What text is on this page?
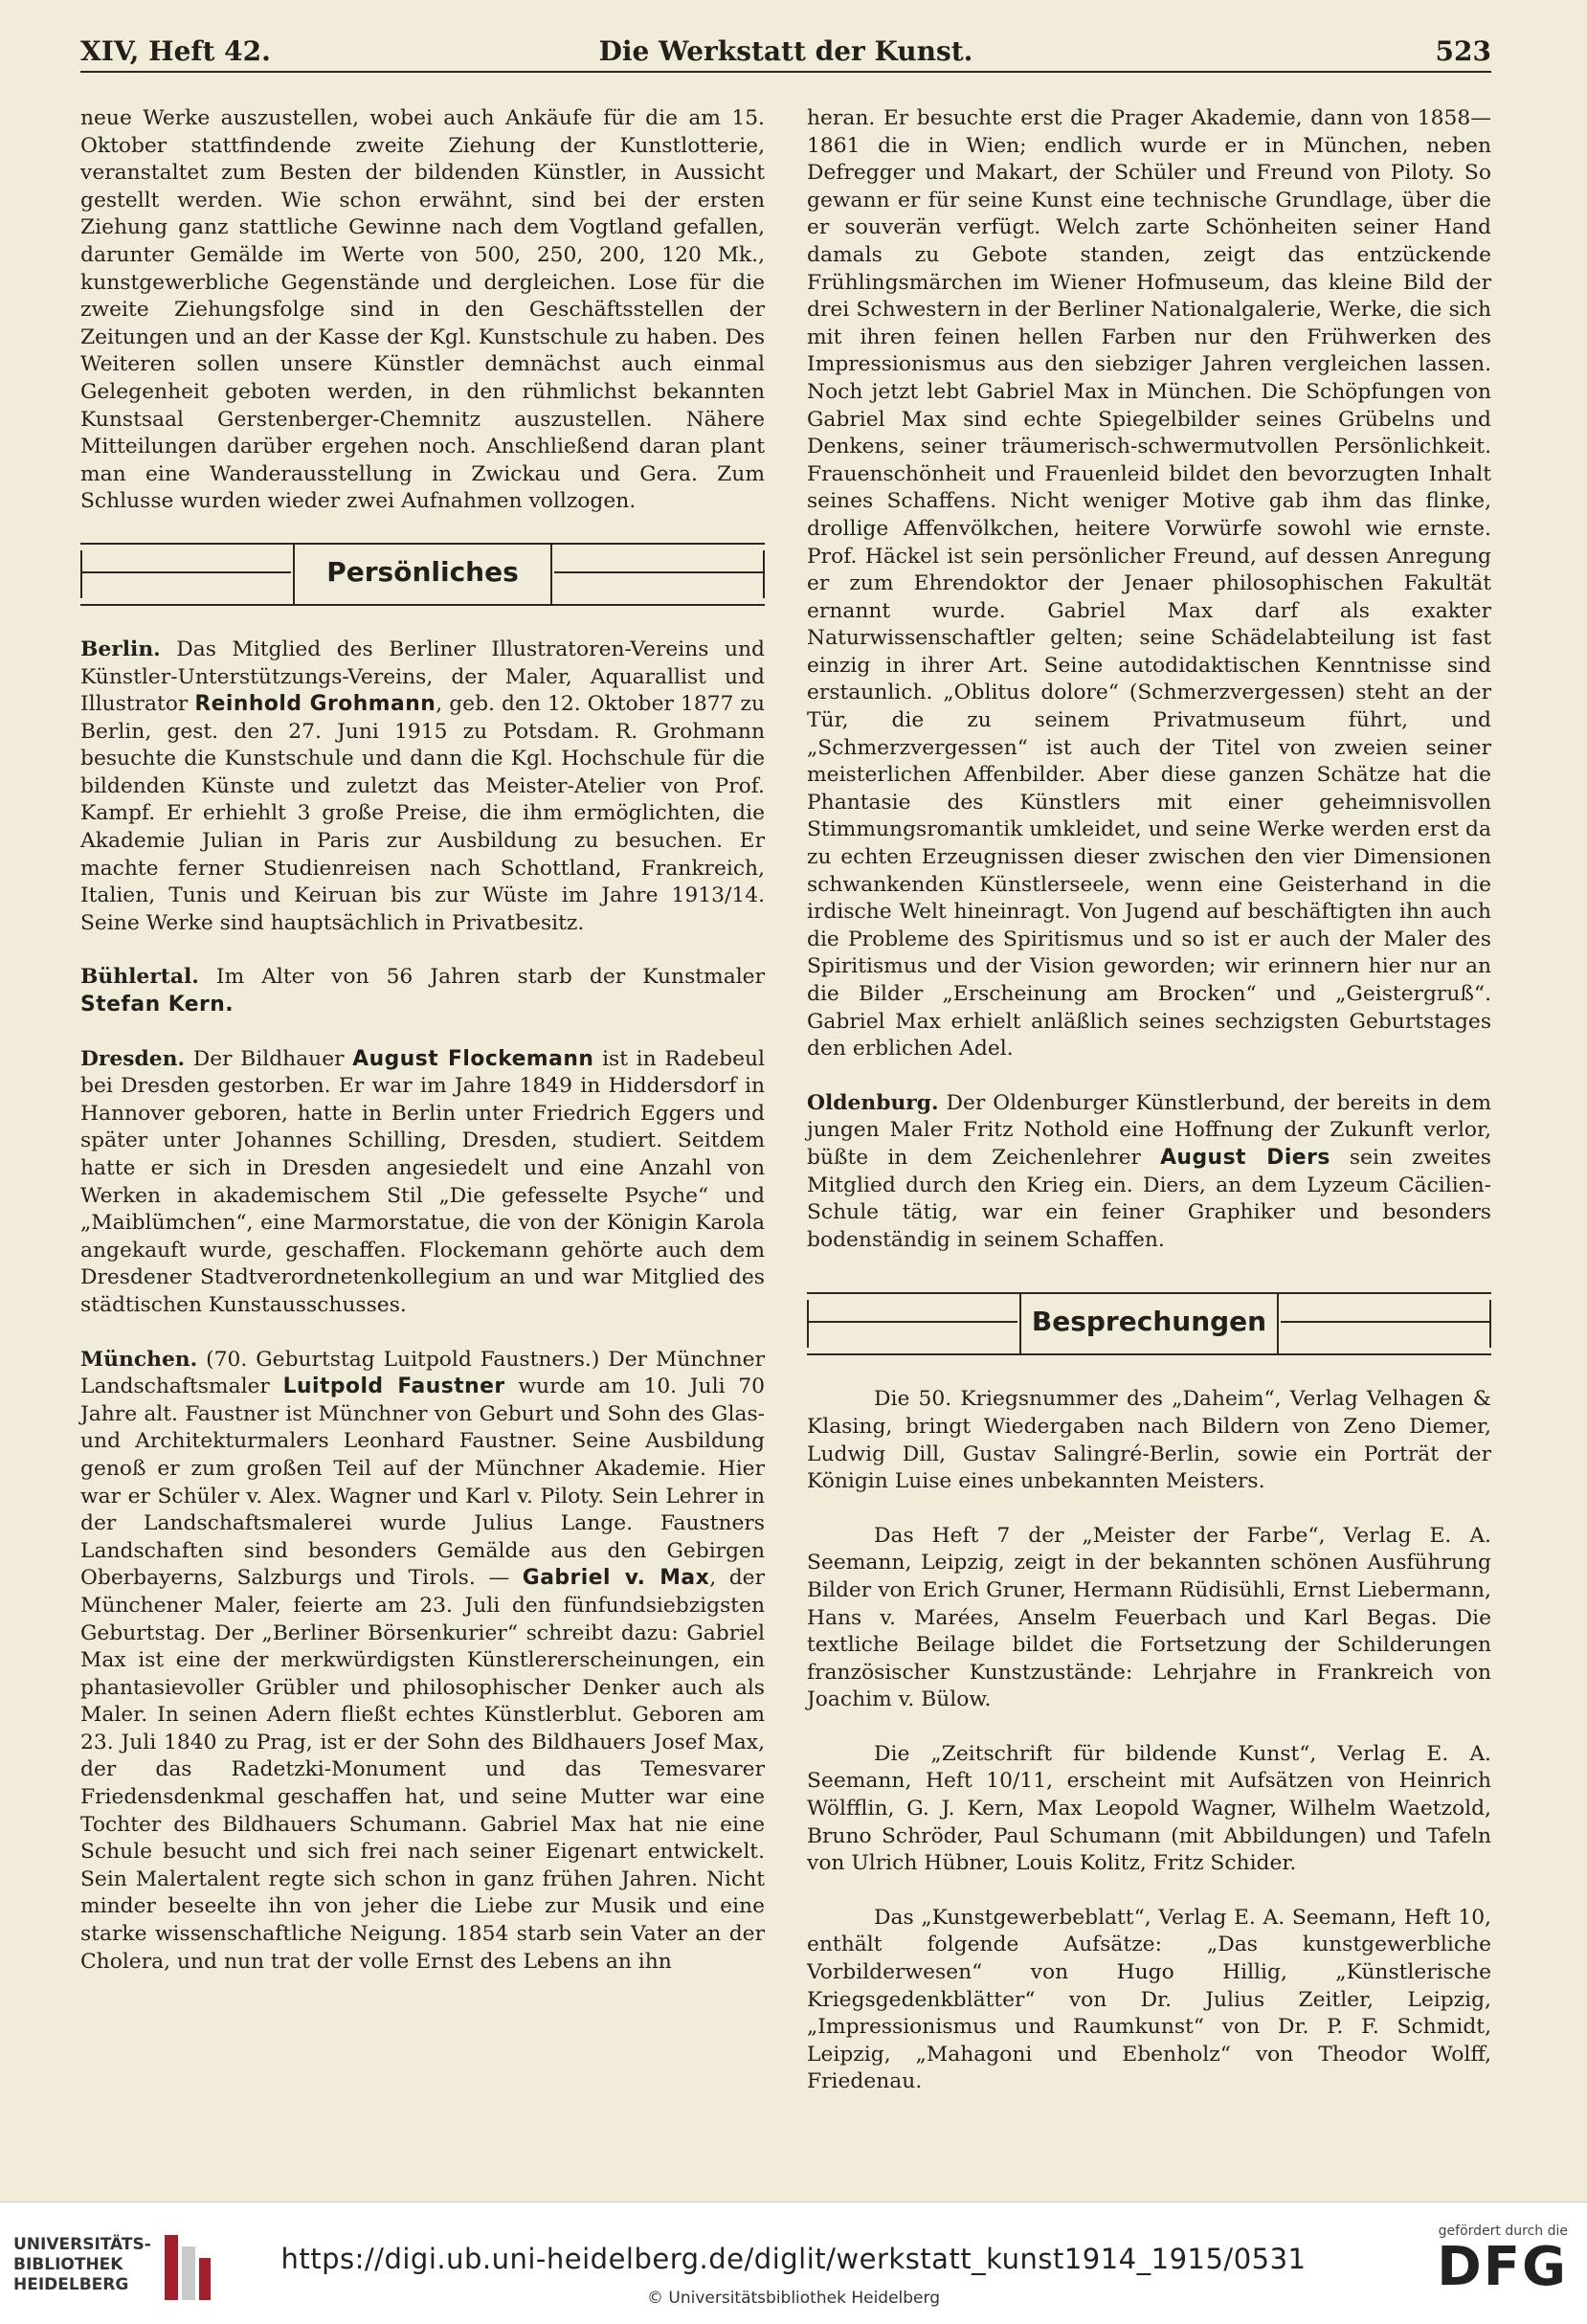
XIV, Heft 42.	Die Werkstatt der Kunst.	523

neue Werke auszustellen, wobei auch Ankäufe für die am 15. Oktober stattfindende zweite Ziehung der Kunstlotterie, veranstaltet zum Besten der bildenden Künstler, in Aussicht gestellt werden. Wie schon erwähnt, sind bei der ersten Ziehung ganz stattliche Gewinne nach dem Vogtland gefallen, darunter Gemälde im Werte von 500, 250, 200, 120 Mk., kunstgewerbliche Gegenstände und dergleichen. Lose für die zweite Ziehungsfolge sind in den Geschäftsstellen der Zeitungen und an der Kasse der Kgl. Kunstschule zu haben. Des Weiteren sollen unsere Künstler demnächst auch einmal Gelegenheit geboten werden, in den rühmlichst bekannten Kunstsaal Gerstenberger-Chemnitz auszustellen. Nähere Mitteilungen darüber ergehen noch. Anschließend daran plant man eine Wanderausstellung in Zwickau und Gera. Zum Schlusse wurden wieder zwei Aufnahmen vollzogen.

Persönliches

Berlin. Das Mitglied des Berliner Illustratoren-Vereins und Künstler-Unterstützungs-Vereins, der Maler, Aquarallist und Illustrator Reinhold Grohmann, geb. den 12. Oktober 1877 zu Berlin, gest. den 27. Juni 1915 zu Potsdam. R. Grohmann besuchte die Kunstschule und dann die Kgl. Hochschule für die bildenden Künste und zuletzt das Meister-Atelier von Prof. Kampf. Er erhiehlt 3 große Preise, die ihm ermöglichten, die Akademie Julian in Paris zur Ausbildung zu besuchen. Er machte ferner Studienreisen nach Schottland, Frankreich, Italien, Tunis und Keiruan bis zur Wüste im Jahre 1913/14. Seine Werke sind hauptsächlich in Privatbesitz.

Bühlertal. Im Alter von 56 Jahren starb der Kunstmaler Stefan Kern.

Dresden. Der Bildhauer August Flockemann ist in Radebeul bei Dresden gestorben. Er war im Jahre 1849 in Hiddersdorf in Hannover geboren, hatte in Berlin unter Friedrich Eggers und später unter Johannes Schilling, Dresden, studiert. Seitdem hatte er sich in Dresden angesiedelt und eine Anzahl von Werken in akademischem Stil „Die gefesselte Psyche“ und „Maiblümchen“, eine Marmorstatue, die von der Königin Karola angekauft wurde, geschaffen. Flockemann gehörte auch dem Dresdener Stadtverordnetenkollegium an und war Mitglied des städtischen Kunstausschusses.

München. (70. Geburtstag Luitpold Faustners.) Der Münchner Landschaftsmaler Luitpold Faustner wurde am 10. Juli 70 Jahre alt. Faustner ist Münchner von Geburt und Sohn des Glas- und Architekturmalers Leonhard Faustner. Seine Ausbildung genoß er zum großen Teil auf der Münchner Akademie. Hier war er Schüler v. Alex. Wagner und Karl v. Piloty. Sein Lehrer in der Landschaftsmalerei wurde Julius Lange. Faustners Landschaften sind besonders Gemälde aus den Gebirgen Oberbayerns, Salzburgs und Tirols. — Gabriel v. Max, der Münchener Maler, feierte am 23. Juli den fünfundsiebzigsten Geburtstag. Der „Berliner Börsenkurier“ schreibt dazu: Gabriel Max ist eine der merkwürdigsten Künstlererscheinungen, ein phantasievoller Grübler und philosophischer Denker auch als Maler. In seinen Adern fließt echtes Künstlerblut. Geboren am 23. Juli 1840 zu Prag, ist er der Sohn des Bildhauers Josef Max, der das Radetzki-Monument und das Temesvarer Friedensdenkmal geschaffen hat, und seine Mutter war eine Tochter des Bildhauers Schumann. Gabriel Max hat nie eine Schule besucht und sich frei nach seiner Eigenart entwickelt. Sein Malertalent regte sich schon in ganz frühen Jahren. Nicht minder beseelte ihn von jeher die Liebe zur Musik und eine starke wissenschaftliche Neigung. 1854 starb sein Vater an der Cholera, und nun trat der volle Ernst des Lebens an ihn

heran. Er besuchte erst die Prager Akademie, dann von 1858—1861 die in Wien; endlich wurde er in München, neben Defregger und Makart, der Schüler und Freund von Piloty. So gewann er für seine Kunst eine technische Grundlage, über die er souverän verfügt. Welch zarte Schönheiten seiner Hand damals zu Gebote standen, zeigt das entzückende Frühlingsmärchen im Wiener Hofmuseum, das kleine Bild der drei Schwestern in der Berliner Nationalgalerie, Werke, die sich mit ihren feinen hellen Farben nur den Frühwerken des Impressionismus aus den siebziger Jahren vergleichen lassen. Noch jetzt lebt Gabriel Max in München. Die Schöpfungen von Gabriel Max sind echte Spiegelbilder seines Grübelns und Denkens, seiner träumerisch-schwermutvollen Persönlichkeit. Frauenschönheit und Frauenleid bildet den bevorzugten Inhalt seines Schaffens. Nicht weniger Motive gab ihm das flinke, drollige Affenvölkchen, heitere Vorwürfe sowohl wie ernste. Prof. Häckel ist sein persönlicher Freund, auf dessen Anregung er zum Ehrendoktor der Jenaer philosophischen Fakultät ernannt wurde. Gabriel Max darf als exakter Naturwissenschaftler gelten; seine Schädelabteilung ist fast einzig in ihrer Art. Seine autodidaktischen Kenntnisse sind erstaunlich. „Oblitus dolore“ (Schmerzvergessen) steht an der Tür, die zu seinem Privatmuseum führt, und „Schmerzvergessen“ ist auch der Titel von zweien seiner meisterlichen Affenbilder. Aber diese ganzen Schätze hat die Phantasie des Künstlers mit einer geheimnisvollen Stimmungsromantik umkleidet, und seine Werke werden erst da zu echten Erzeugnissen dieser zwischen den vier Dimensionen schwankenden Künstlerseele, wenn eine Geisterhand in die irdische Welt hineinragt. Von Jugend auf beschäftigten ihn auch die Probleme des Spiritismus und so ist er auch der Maler des Spiritismus und der Vision geworden; wir erinnern hier nur an die Bilder „Erscheinung am Brocken“ und „Geistergruß“. Gabriel Max erhielt anläßlich seines sechzigsten Geburtstages den erblichen Adel.

Oldenburg. Der Oldenburger Künstlerbund, der bereits in dem jungen Maler Fritz Nothold eine Hoffnung der Zukunft verlor, büßte in dem Zeichenlehrer August Diers sein zweites Mitglied durch den Krieg ein. Diers, an dem Lyzeum Cäcilien-Schule tätig, war ein feiner Graphiker und besonders bodenständig in seinem Schaffen.

Besprechungen

Die 50. Kriegsnummer des „Daheim“, Verlag Velhagen & Klasing, bringt Wiedergaben nach Bildern von Zeno Diemer, Ludwig Dill, Gustav Salingré-Berlin, sowie ein Porträt der Königin Luise eines unbekannten Meisters.

Das Heft 7 der „Meister der Farbe“, Verlag E. A. Seemann, Leipzig, zeigt in der bekannten schönen Ausführung Bilder von Erich Gruner, Hermann Rüdisühli, Ernst Liebermann, Hans v. Marées, Anselm Feuerbach und Karl Begas. Die textliche Beilage bildet die Fortsetzung der Schilderungen französischer Kunstzustände: Lehrjahre in Frankreich von Joachim v. Bülow.

Die „Zeitschrift für bildende Kunst“, Verlag E. A. Seemann, Heft 10/11, erscheint mit Aufsätzen von Heinrich Wölfflin, G. J. Kern, Max Leopold Wagner, Wilhelm Waetzold, Bruno Schröder, Paul Schumann (mit Abbildungen) und Tafeln von Ulrich Hübner, Louis Kolitz, Fritz Schider.

Das „Kunstgewerbeblatt“, Verlag E. A. Seemann, Heft 10, enthält folgende Aufsätze: „Das kunstgewerbliche Vorbilderwesen“ von Hugo Hillig, „Künstlerische Kriegsgedenkblätter“ von Dr. Julius Zeitler, Leipzig, „Impressionismus und Raumkunst“ von Dr. P. F. Schmidt, Leipzig, „Mahagoni und Ebenholz“ von Theodor Wolff, Friedenau.

UNIVERSITÄTS-
BIBLIOTHEK
HEIDELBERG
https://digi.ub.uni-heidelberg.de/diglit/werkstatt_kunst1914_1915/0531
© Universitätsbibliothek Heidelberg
gefördert durch die
DFG
